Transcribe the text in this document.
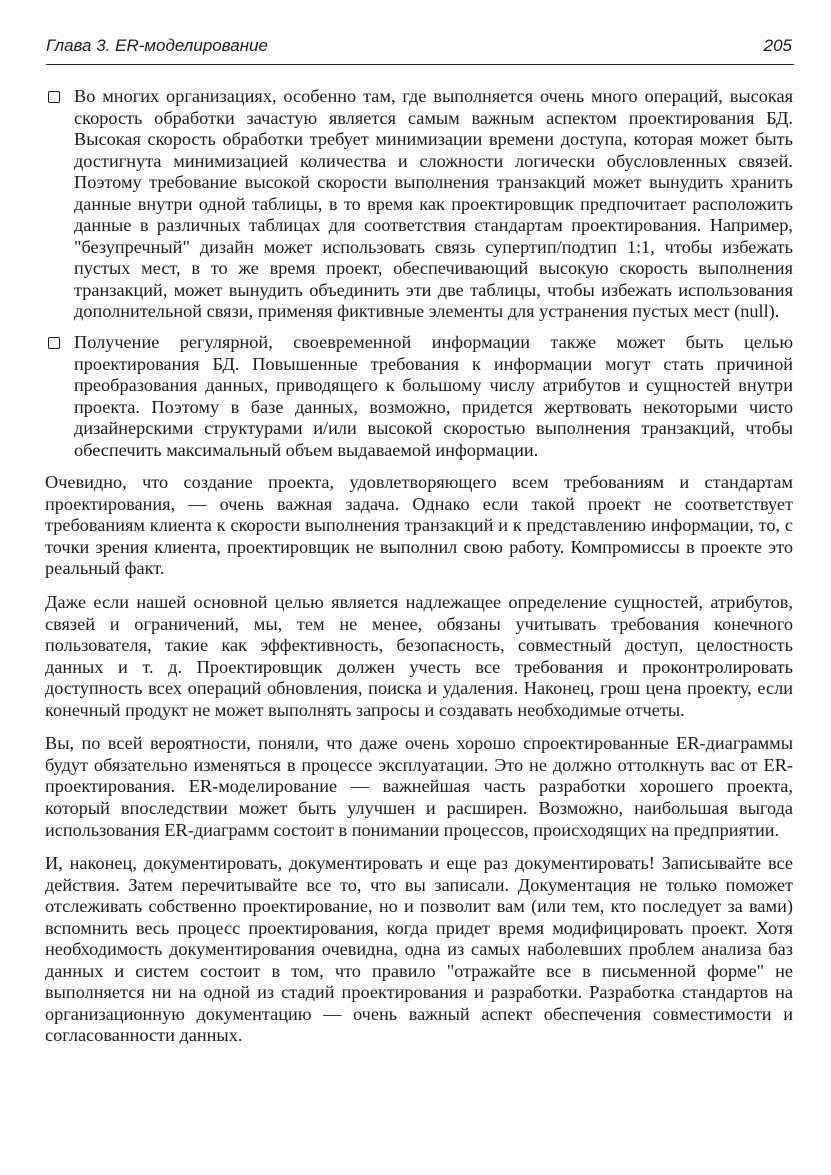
Глава 3. ER-моделирование	205
Во многих организациях, особенно там, где выполняется очень много операций, высокая скорость обработки зачастую является самым важным аспектом проектирования БД. Высокая скорость обработки требует минимизации времени доступа, которая может быть достигнута минимизацией количества и сложности логически обусловленных связей. Поэтому требование высокой скорости выполнения транзакций может вынудить хранить данные внутри одной таблицы, в то время как проектировщик предпочитает расположить данные в различных таблицах для соответствия стандартам проектирования. Например, "безупречный" дизайн может использовать связь супертип/подтип 1:1, чтобы избежать пустых мест, в то же время проект, обеспечивающий высокую скорость выполнения транзакций, может вынудить объединить эти две таблицы, чтобы избежать использования дополнительной связи, применяя фиктивные элементы для устранения пустых мест (null).
Получение регулярной, своевременной информации также может быть целью проектирования БД. Повышенные требования к информации могут стать причиной преобразования данных, приводящего к большому числу атрибутов и сущностей внутри проекта. Поэтому в базе данных, возможно, придется жертвовать некоторыми чисто дизайнерскими структурами и/или высокой скоростью выполнения транзакций, чтобы обеспечить максимальный объем выдаваемой информации.
Очевидно, что создание проекта, удовлетворяющего всем требованиям и стандартам проектирования, — очень важная задача. Однако если такой проект не соответствует требованиям клиента к скорости выполнения транзакций и к представлению информации, то, с точки зрения клиента, проектировщик не выполнил свою работу. Компромиссы в проекте это реальный факт.
Даже если нашей основной целью является надлежащее определение сущностей, атрибутов, связей и ограничений, мы, тем не менее, обязаны учитывать требования конечного пользователя, такие как эффективность, безопасность, совместный доступ, целостность данных и т. д. Проектировщик должен учесть все требования и проконтролировать доступность всех операций обновления, поиска и удаления. Наконец, грош цена проекту, если конечный продукт не может выполнять запросы и создавать необходимые отчеты.
Вы, по всей вероятности, поняли, что даже очень хорошо спроектированные ER-диаграммы будут обязательно изменяться в процессе эксплуатации. Это не должно оттолкнуть вас от ER-проектирования. ER-моделирование — важнейшая часть разработки хорошего проекта, который впоследствии может быть улучшен и расширен. Возможно, наибольшая выгода использования ER-диаграмм состоит в понимании процессов, происходящих на предприятии.
И, наконец, документировать, документировать и еще раз документировать! Записывайте все действия. Затем перечитывайте все то, что вы записали. Документация не только поможет отслеживать собственно проектирование, но и позволит вам (или тем, кто последует за вами) вспомнить весь процесс проектирования, когда придет время модифицировать проект. Хотя необходимость документирования очевидна, одна из самых наболевших проблем анализа баз данных и систем состоит в том, что правило "отражайте все в письменной форме" не выполняется ни на одной из стадий проектирования и разработки. Разработка стандартов на организационную документацию — очень важный аспект обеспечения совместимости и согласованности данных.
